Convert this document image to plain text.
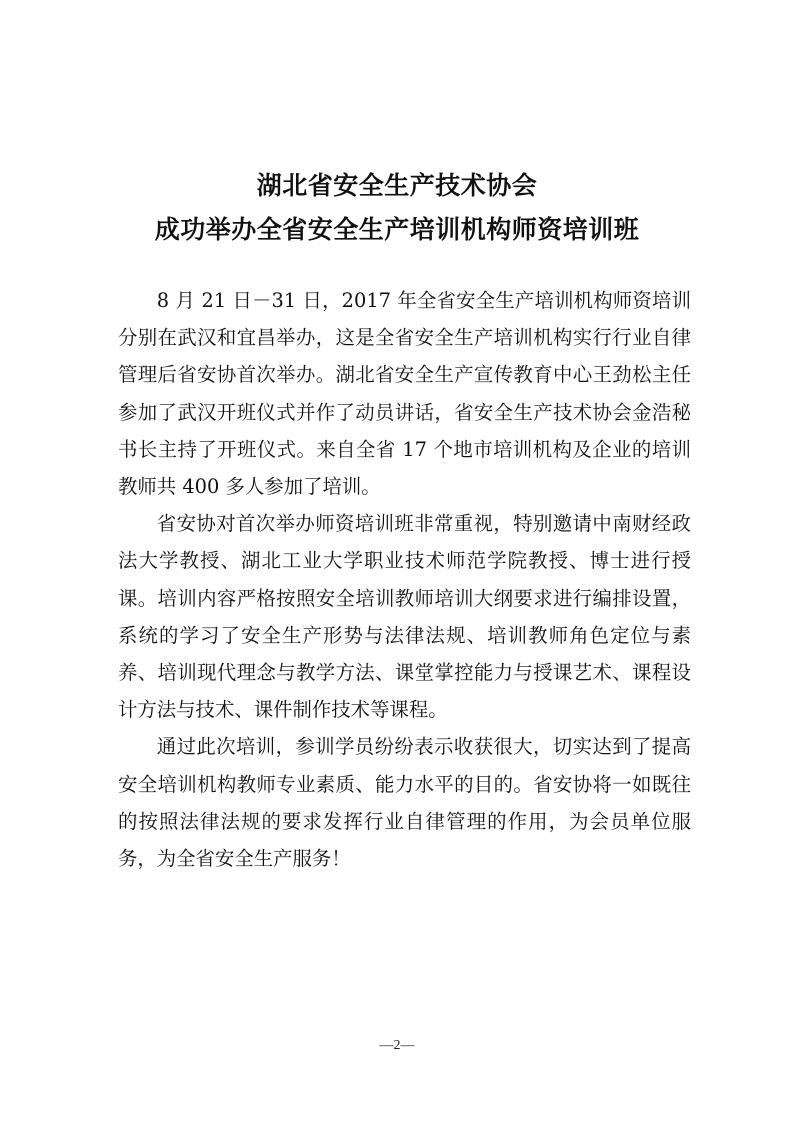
湖北省安全生产技术协会
成功举办全省安全生产培训机构师资培训班

8 月 21 日－31 日，2017 年全省安全生产培训机构师资培训分别在武汉和宜昌举办，这是全省安全生产培训机构实行行业自律管理后省安协首次举办。湖北省安全生产宣传教育中心王劲松主任参加了武汉开班仪式并作了动员讲话，省安全生产技术协会金浩秘书长主持了开班仪式。来自全省 17 个地市培训机构及企业的培训教师共 400 多人参加了培训。

省安协对首次举办师资培训班非常重视，特别邀请中南财经政法大学教授、湖北工业大学职业技术师范学院教授、博士进行授课。培训内容严格按照安全培训教师培训大纲要求进行编排设置，系统的学习了安全生产形势与法律法规、培训教师角色定位与素养、培训现代理念与教学方法、课堂掌控能力与授课艺术、课程设计方法与技术、课件制作技术等课程。

通过此次培训，参训学员纷纷表示收获很大，切实达到了提高安全培训机构教师专业素质、能力水平的目的。省安协将一如既往的按照法律法规的要求发挥行业自律管理的作用，为会员单位服务，为全省安全生产服务！

—2—
